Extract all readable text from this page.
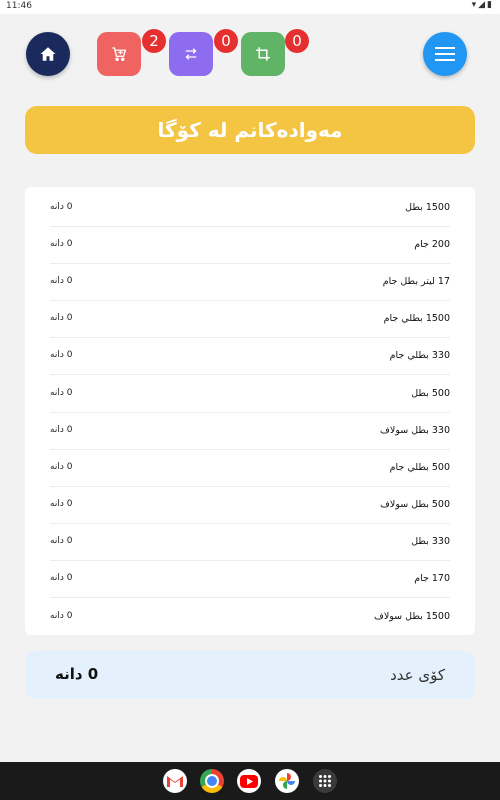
11:46	▾◢▮
2	0	0
مەوادەکانم لە کۆگا
1500 بطل
0 دانه
200 جام
0 دانه
17 ليتر بطل جام
0 دانه
1500 بطلي جام
0 دانه
330 بطلي جام
0 دانه
500 بطل
0 دانه
330 بطل سولاف
0 دانه
500 بطلي جام
0 دانه
500 بطل سولاف
0 دانه
330 بطل
0 دانه
170 جام
0 دانه
1500 بطل سولاف
0 دانه
کۆی عدد
0 دانه
